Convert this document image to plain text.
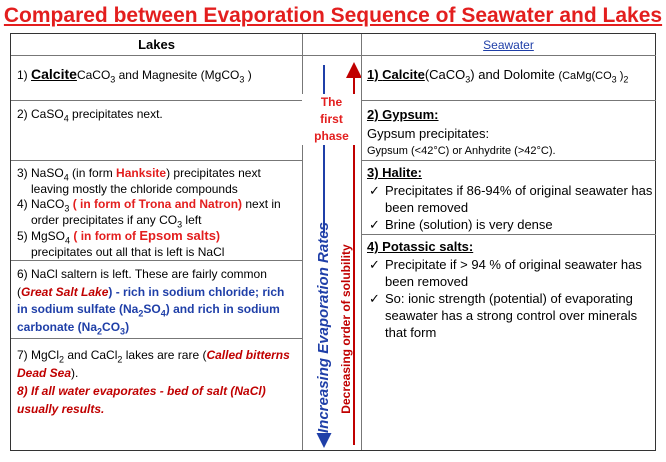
Compared between Evaporation Sequence of Seawater and Lakes
Lakes	Seawater
1) CalciteCaCO$_3$ and Magnesite (MgCO$_3$ )
2) CaSO$_4$ precipitates next.
3) NaSO$_4$ (in form Hanksite) precipitates next
leaving mostly the chloride compounds
4) NaCO$_3$ ( in form of Trona and Natron) next in
order precipitates if any $CO_3$ left
5) MgSO$_4$ ( in form of Epsom salts)
precipitates out all that is left is NaCl
6) NaCl saltern is left. These are fairly common
(Great Salt Lake) - rich in sodium chloride; rich
in sodium sulfate $(Na_2SO_4)$ and rich in sodium
carbonate $(Na_2CO_3)$
7) MgCl$_2$ and CaCl$_2$ lakes are rare (Called bitterns
Dead Sea).
8) If all water evaporates - bed of salt (NaCl)
usually results.
The
first
phase
Increasing Evaporation Rates Decreasing order of solubility
1) Calcite(CaCO$_3$) and Dolomite ($CaMg(CO_3$ )$_2$
2) Gypsum:
Gypsum precipitates:
Gypsum (<42°C) or Anhydrite (>42°C).
3) Halite:
✓ Precipitates if 86-94% of original seawater has been removed
✓ Brine (solution) is very dense
4) Potassic salts:
✓ Precipitate if > 94 % of original seawater has been removed
✓ So: ionic strength (potential) of evaporating seawater has a strong control over minerals that form
